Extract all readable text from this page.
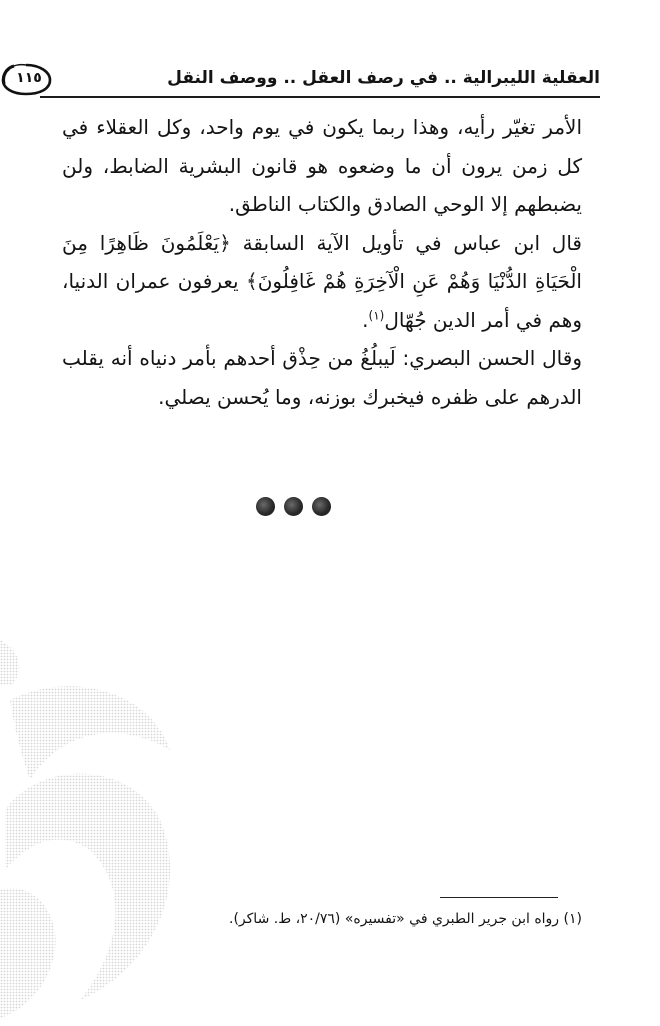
١١٥	العقلية الليبرالية .. في رصف العقل .. ووصف النقل

الأمر تغيّر رأيه، وهذا ربما يكون في يوم واحد، وكل العقلاء في كل زمن يرون أن ما وضعوه هو قانون البشرية الضابط، ولن يضبطهم إلا الوحي الصادق والكتاب الناطق.

قال ابن عباس في تأويل الآية السابقة ﴿يَعْلَمُونَ ظَاهِرًا مِنَ الْحَيَاةِ الدُّنْيَا وَهُمْ عَنِ الْآخِرَةِ هُمْ غَافِلُونَ﴾ يعرفون عمران الدنيا، وهم في أمر الدين جُهّال$^{(١)}$.

وقال الحسن البصري: لَيبلُغُ من حِذْق أحدهم بأمر دنياه أنه يقلب الدرهم على ظفره فيخبرك بوزنه، وما يُحسن يصلي.

(١) رواه ابن جرير الطبري في «تفسيره» (٢٠/٧٦، ط. شاكر).
